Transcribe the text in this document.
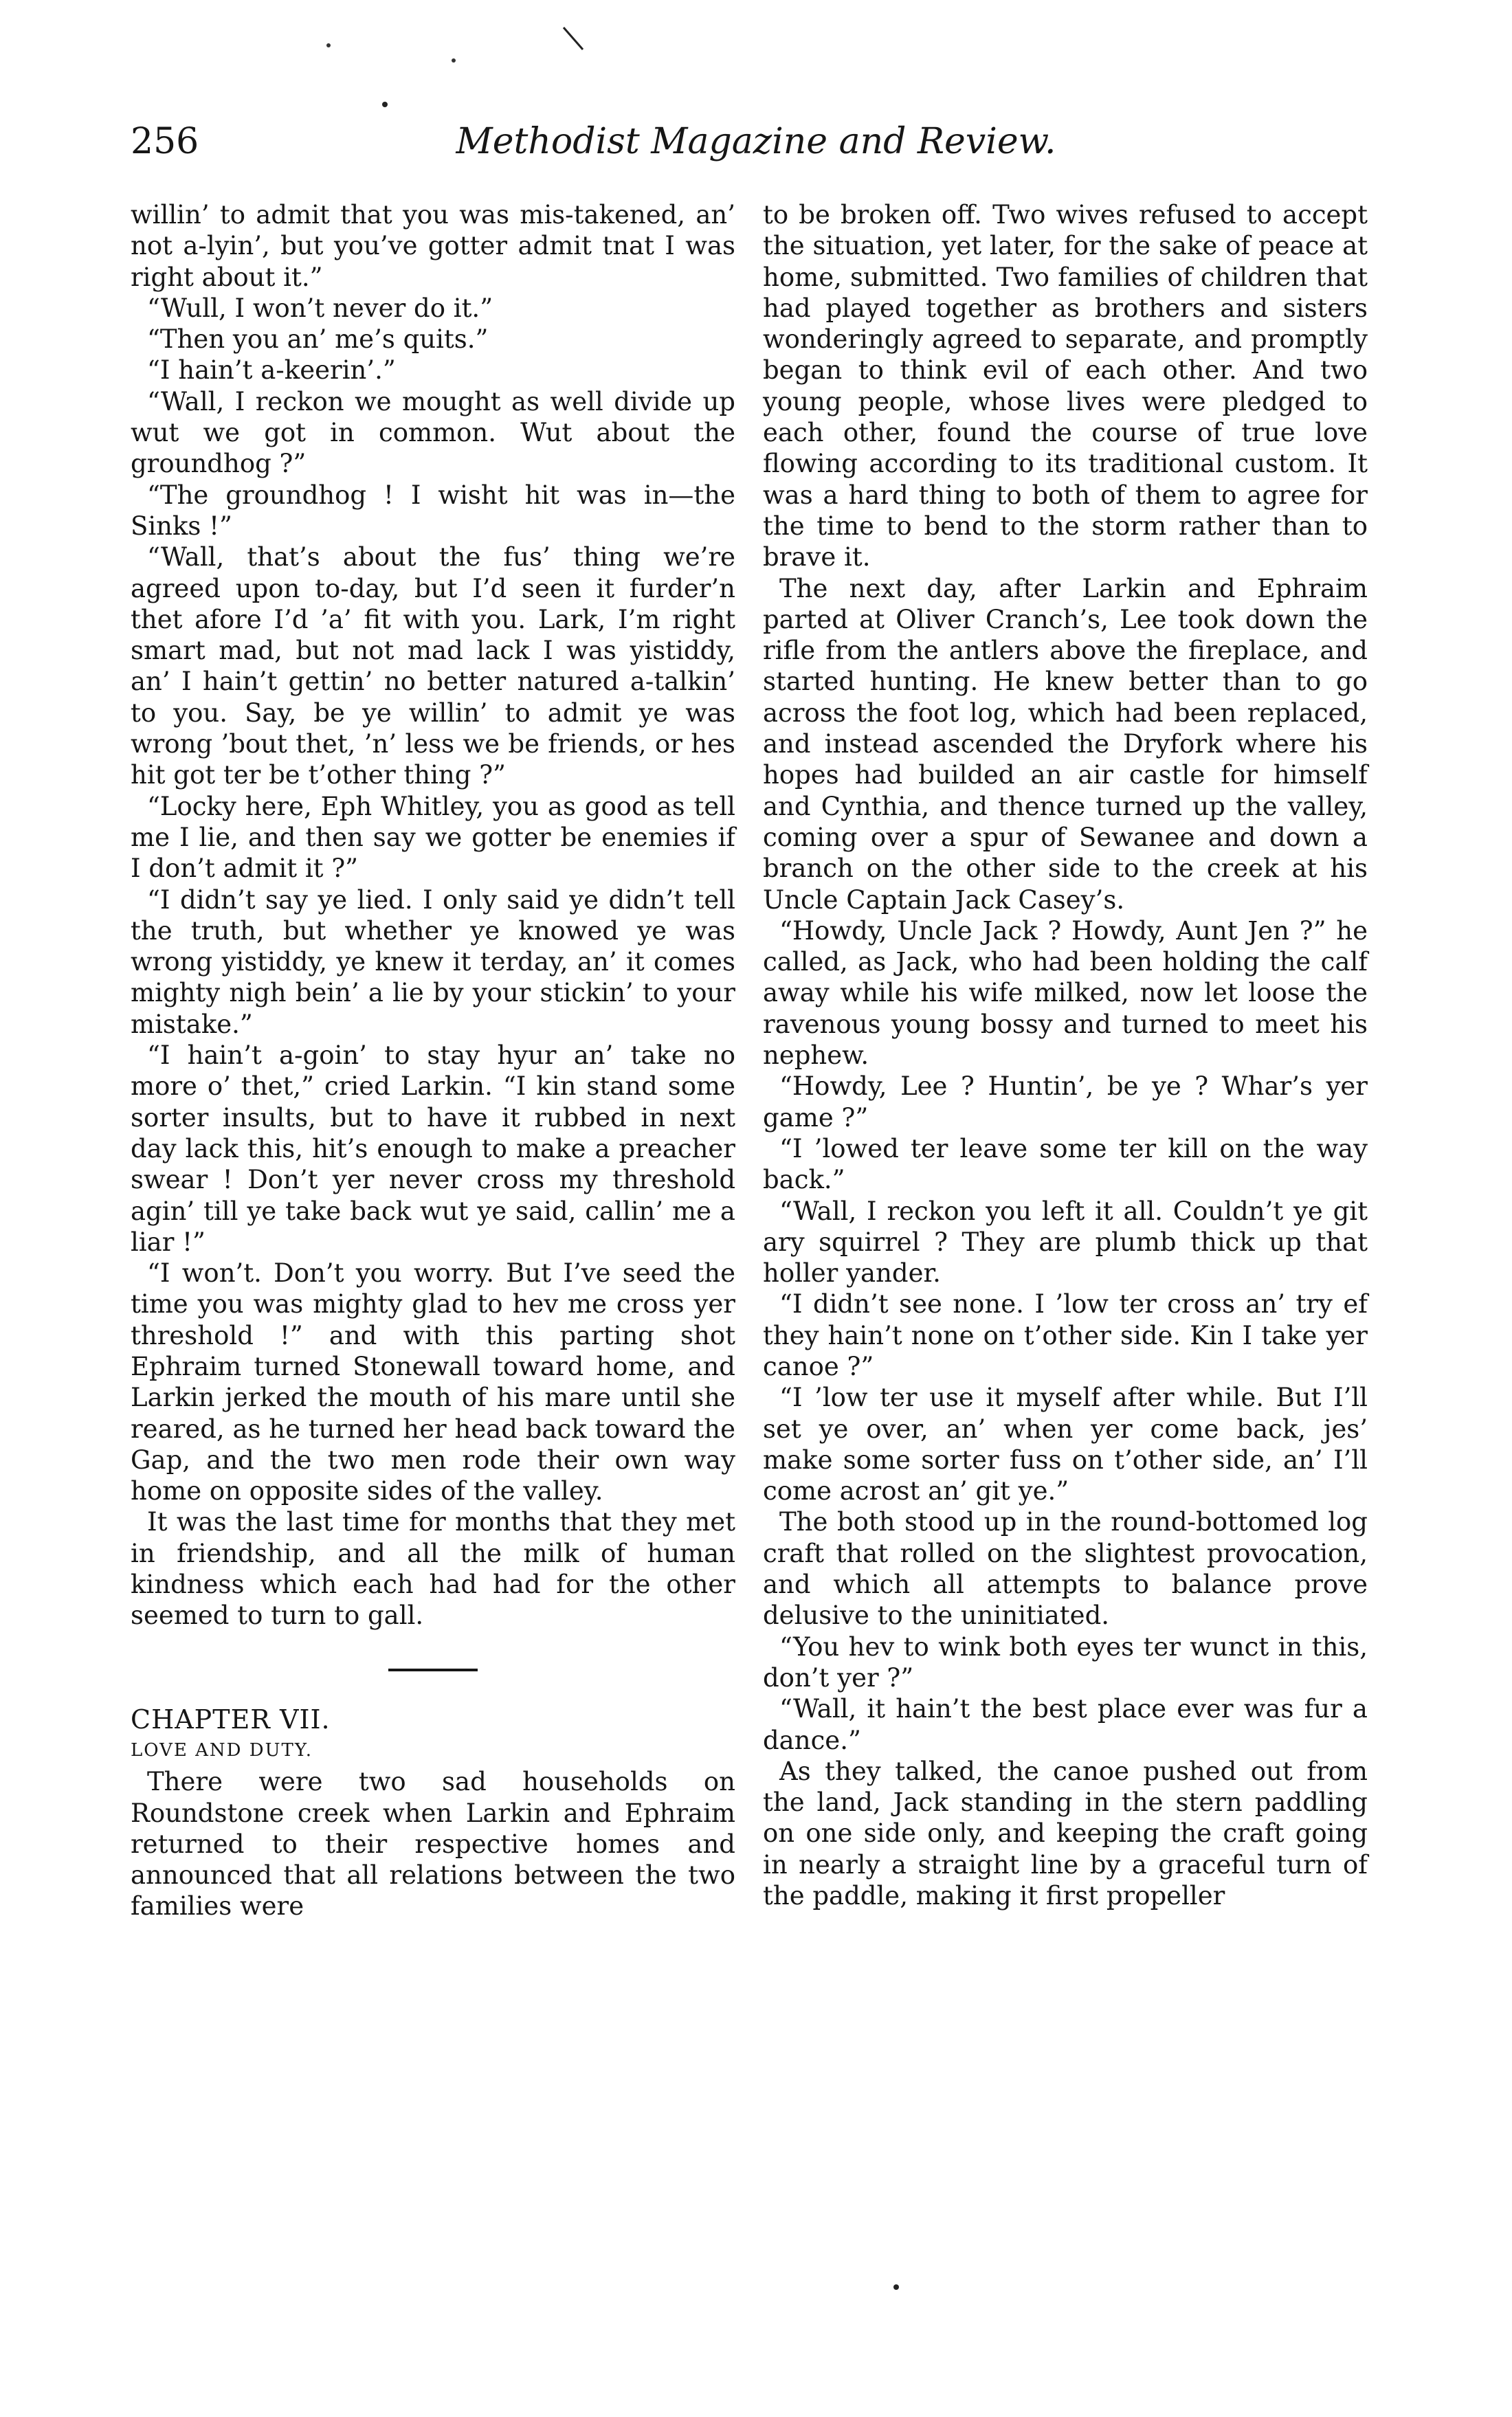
256	Methodist Magazine and Review.

willin’ to admit that you was mis-takened, an’ not a-lyin’, but you’ve gotter admit tnat I was right about it.”

“Wull, I won’t never do it.”

“Then you an’ me’s quits.”

“I hain’t a-keerin’.”

“Wall, I reckon we mought as well divide up wut we got in common. Wut about the groundhog ?”

“The groundhog ! I wisht hit was in—the Sinks !”

“Wall, that’s about the fus’ thing we’re agreed upon to-day, but I’d seen it furder’n thet afore I’d ’a’ fit with you. Lark, I’m right smart mad, but not mad lack I was yistiddy, an’ I hain’t gettin’ no better natured a-talkin’ to you. Say, be ye willin’ to admit ye was wrong ’bout thet, ’n’ less we be friends, or hes hit got ter be t’other thing ?”

“Locky here, Eph Whitley, you as good as tell me I lie, and then say we gotter be enemies if I don’t admit it ?”

“I didn’t say ye lied. I only said ye didn’t tell the truth, but whether ye knowed ye was wrong yistiddy, ye knew it terday, an’ it comes mighty nigh bein’ a lie by your stickin’ to your mistake.”

“I hain’t a-goin’ to stay hyur an’ take no more o’ thet,” cried Larkin. “I kin stand some sorter insults, but to have it rubbed in next day lack this, hit’s enough to make a preacher swear ! Don’t yer never cross my threshold agin’ till ye take back wut ye said, callin’ me a liar !”

“I won’t. Don’t you worry. But I’ve seed the time you was mighty glad to hev me cross yer threshold !” and with this parting shot Ephraim turned Stonewall toward home, and Larkin jerked the mouth of his mare until she reared, as he turned her head back toward the Gap, and the two men rode their own way home on opposite sides of the valley.

It was the last time for months that they met in friendship, and all the milk of human kindness which each had had for the other seemed to turn to gall.

CHAPTER VII.

LOVE AND DUTY.

There were two sad households on Roundstone creek when Larkin and Ephraim returned to their respective homes and announced that all relations between the two families were

to be broken off. Two wives refused to accept the situation, yet later, for the sake of peace at home, submitted. Two families of children that had played together as brothers and sisters wonderingly agreed to separate, and promptly began to think evil of each other. And two young people, whose lives were pledged to each other, found the course of true love flowing according to its traditional custom. It was a hard thing to both of them to agree for the time to bend to the storm rather than to brave it.

The next day, after Larkin and Ephraim parted at Oliver Cranch’s, Lee took down the rifle from the antlers above the fireplace, and started hunting. He knew better than to go across the foot log, which had been replaced, and instead ascended the Dryfork where his hopes had builded an air castle for himself and Cynthia, and thence turned up the valley, coming over a spur of Sewanee and down a branch on the other side to the creek at his Uncle Captain Jack Casey’s.

“Howdy, Uncle Jack ? Howdy, Aunt Jen ?” he called, as Jack, who had been holding the calf away while his wife milked, now let loose the ravenous young bossy and turned to meet his nephew.

“Howdy, Lee ? Huntin’, be ye ? Whar’s yer game ?”

“I ’lowed ter leave some ter kill on the way back.”

“Wall, I reckon you left it all. Couldn’t ye git ary squirrel ? They are plumb thick up that holler yander.

“I didn’t see none. I ’low ter cross an’ try ef they hain’t none on t’other side. Kin I take yer canoe ?”

“I ’low ter use it myself after while. But I’ll set ye over, an’ when yer come back, jes’ make some sorter fuss on t’other side, an’ I’ll come acrost an’ git ye.”

The both stood up in the round-bottomed log craft that rolled on the slightest provocation, and which all attempts to balance prove delusive to the uninitiated.

“You hev to wink both eyes ter wunct in this, don’t yer ?”

“Wall, it hain’t the best place ever was fur a dance.”

As they talked, the canoe pushed out from the land, Jack standing in the stern paddling on one side only, and keeping the craft going in nearly a straight line by a graceful turn of the paddle, making it first propeller
